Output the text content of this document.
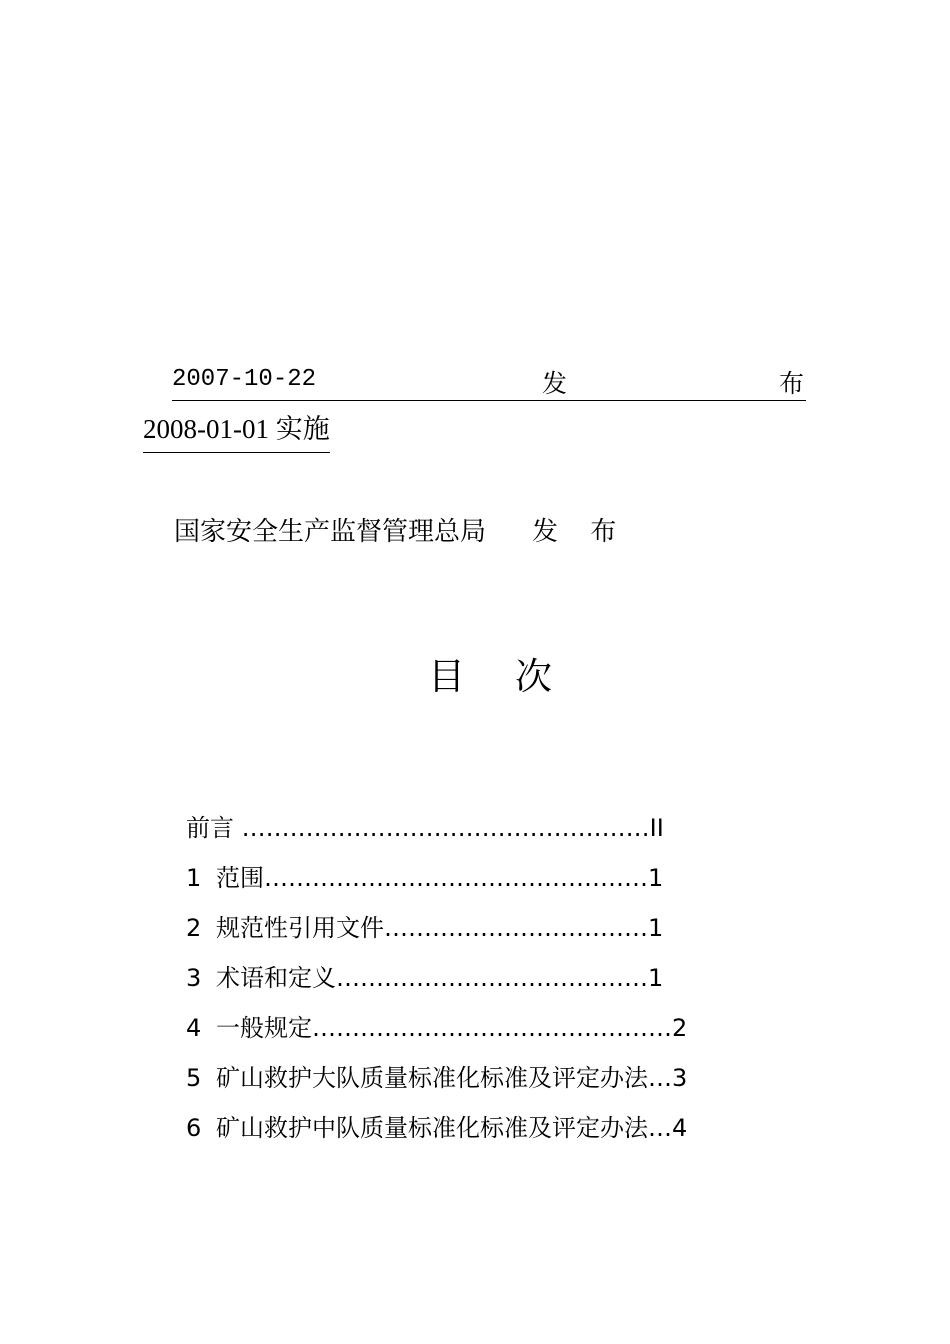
2007-10-22	发	布
2008-01-01 实施
国家安全生产监督管理总局 发 布
目 次
前言 ……………………………………………II
1 范围…………………………………………1
2 规范性引用文件……………………………1
3 术语和定义…………………………………1
4 一般规定………………………………………2
5 矿山救护大队质量标准化标准及评定办法…3
6 矿山救护中队质量标准化标准及评定办法…4
